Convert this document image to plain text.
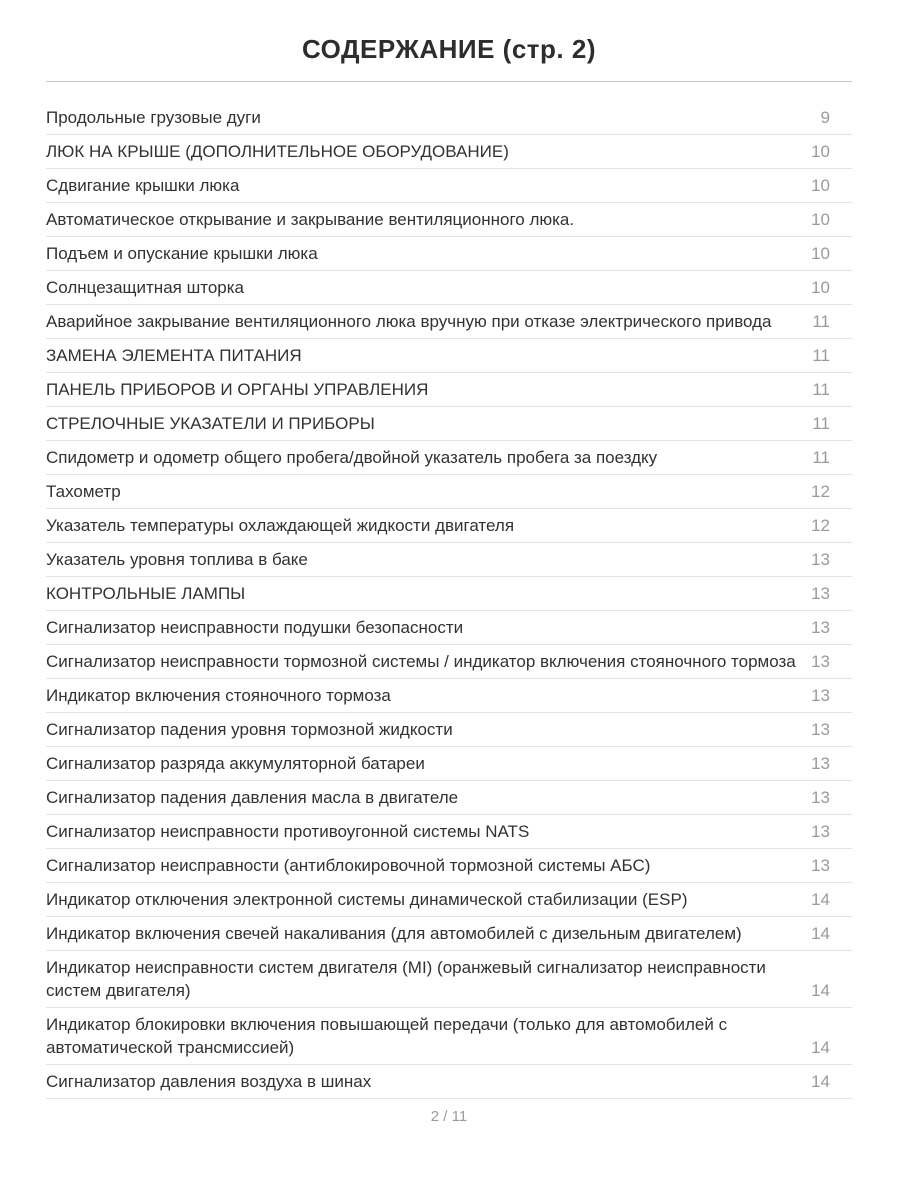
СОДЕРЖАНИЕ (стр. 2)
Продольные грузовые дуги	9
ЛЮК НА КРЫШЕ (ДОПОЛНИТЕЛЬНОЕ ОБОРУДОВАНИЕ)	10
Сдвигание крышки люка	10
Автоматическое открывание и закрывание вентиляционного люка.	10
Подъем и опускание крышки люка	10
Солнцезащитная шторка	10
Аварийное закрывание вентиляционного люка вручную при отказе электрического привода	11
ЗАМЕНА ЭЛЕМЕНТА ПИТАНИЯ	11
ПАНЕЛЬ ПРИБОРОВ И ОРГАНЫ УПРАВЛЕНИЯ	11
СТРЕЛОЧНЫЕ УКАЗАТЕЛИ И ПРИБОРЫ	11
Спидометр и одометр общего пробега/двойной указатель пробега за поездку	11
Тахометр	12
Указатель температуры охлаждающей жидкости двигателя	12
Указатель уровня топлива в баке	13
КОНТРОЛЬНЫЕ ЛАМПЫ	13
Сигнализатор неисправности подушки безопасности	13
Сигнализатор неисправности тормозной системы / индикатор включения стояночного тормоза 13
Индикатор включения стояночного тормоза	13
Сигнализатор падения уровня тормозной жидкости	13
Сигнализатор разряда аккумуляторной батареи	13
Сигнализатор падения давления масла в двигателе	13
Сигнализатор неисправности противоугонной системы NATS	13
Сигнализатор неисправности (антиблокировочной тормозной системы АБС)	13
Индикатор отключения электронной системы динамической стабилизации (ESP)	14
Индикатор включения свечей накаливания (для автомобилей с дизельным двигателем)	14
Индикатор неисправности систем двигателя (MI) (оранжевый сигнализатор неисправности систем двигателя)	14
Индикатор блокировки включения повышающей передачи (только для автомобилей с автоматической трансмиссией)	14
Сигнализатор давления воздуха в шинах	14
2 / 11
